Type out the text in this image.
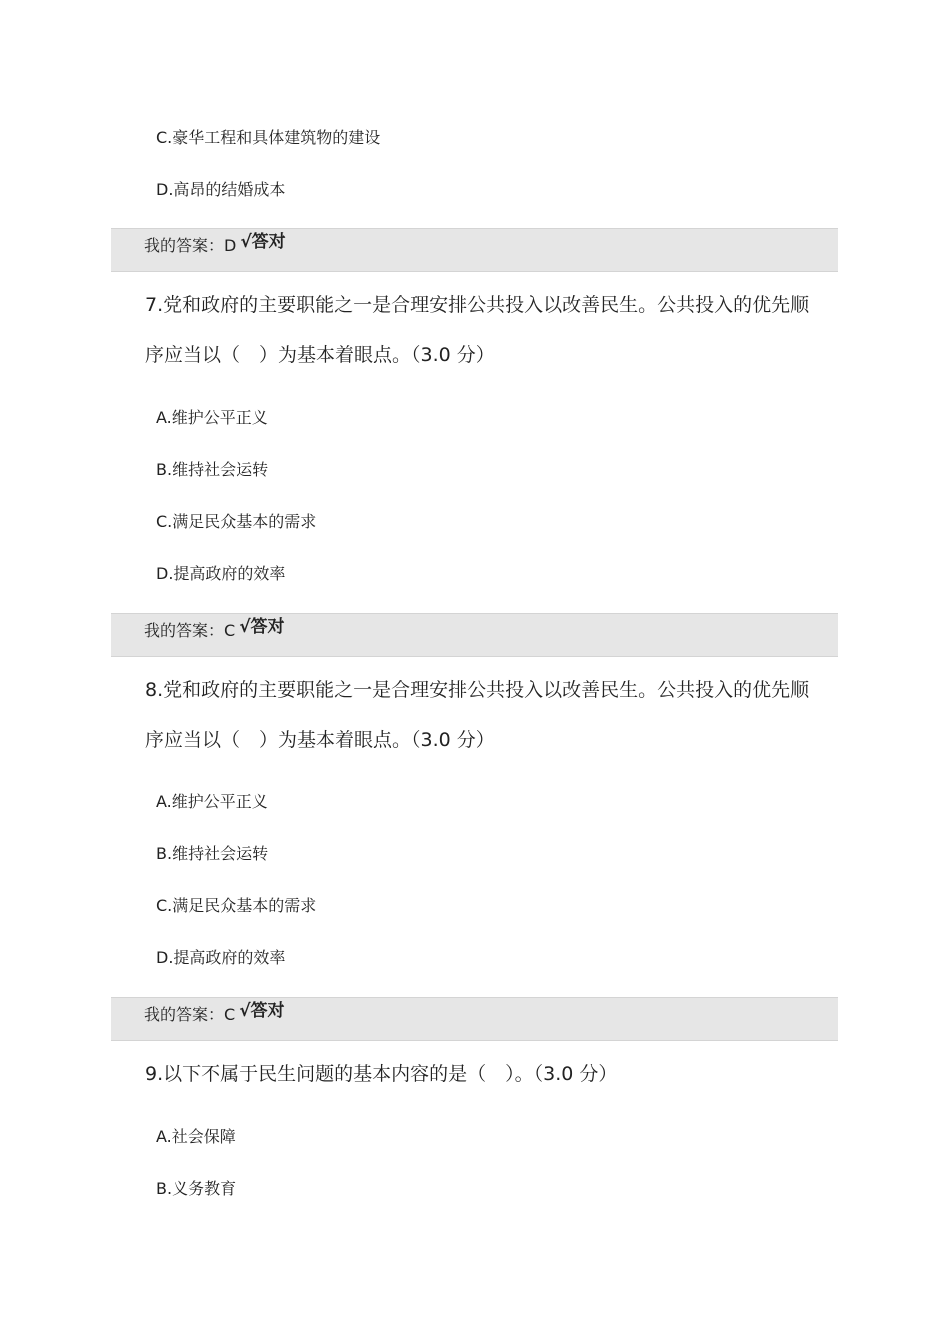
C.豪华工程和具体建筑物的建设
D.高昂的结婚成本
我的答案：D √答对
7.党和政府的主要职能之一是合理安排公共投入以改善民生。公共投入的优先顺
序应当以（　）为基本着眼点。（3.0 分）
A.维护公平正义
B.维持社会运转
C.满足民众基本的需求
D.提高政府的效率
我的答案：C √答对
8.党和政府的主要职能之一是合理安排公共投入以改善民生。公共投入的优先顺
序应当以（　）为基本着眼点。（3.0 分）
A.维护公平正义
B.维持社会运转
C.满足民众基本的需求
D.提高政府的效率
我的答案：C √答对
9.以下不属于民生问题的基本内容的是（　）。（3.0 分）
A.社会保障
B.义务教育
